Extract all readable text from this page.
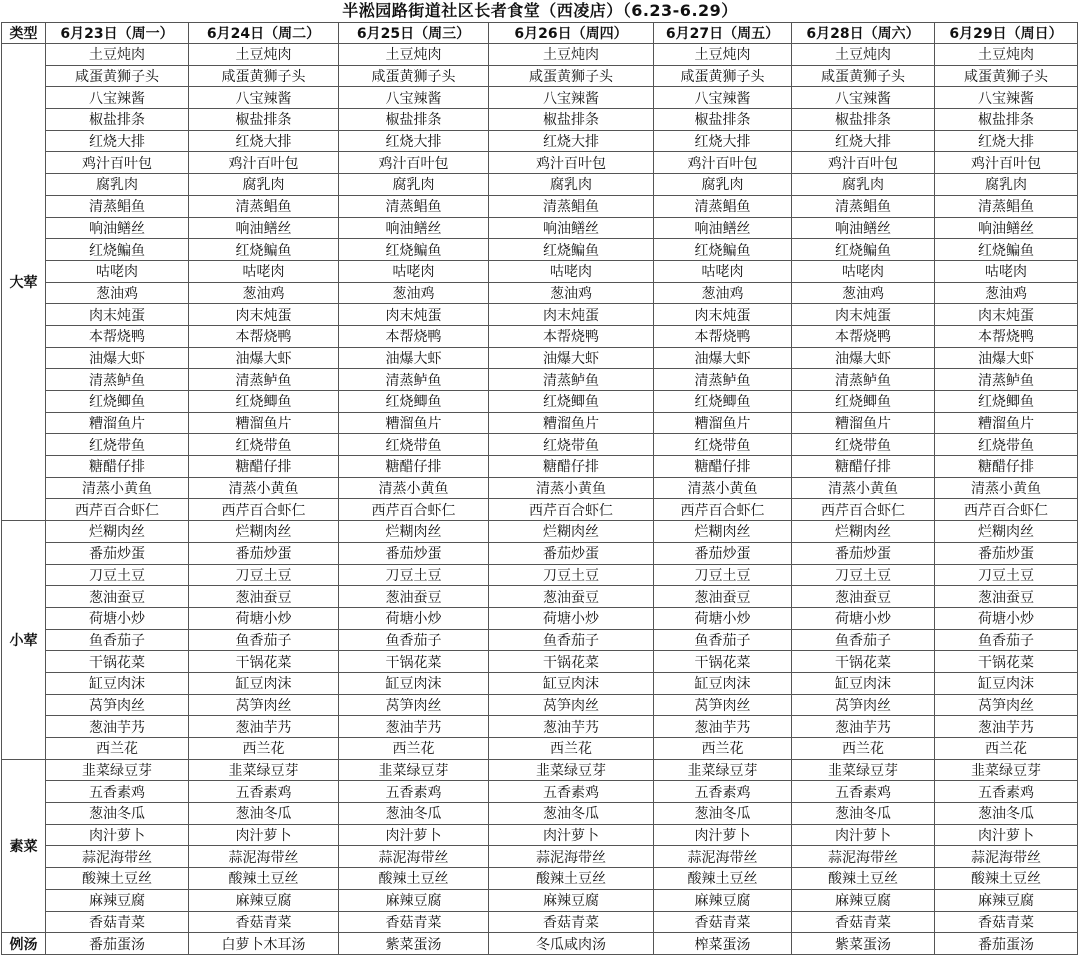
半淞园路街道社区长者食堂（西凌店）（6.23-6.29）
类型	6月23日（周一）	6月24日（周二）	6月25日（周三）	6月26日（周四）	6月27日（周五）	6月28日（周六）	6月29日（周日）
大荤	土豆炖肉	土豆炖肉	土豆炖肉	土豆炖肉	土豆炖肉	土豆炖肉	土豆炖肉
	咸蛋黄狮子头	咸蛋黄狮子头	咸蛋黄狮子头	咸蛋黄狮子头	咸蛋黄狮子头	咸蛋黄狮子头	咸蛋黄狮子头
	八宝辣酱	八宝辣酱	八宝辣酱	八宝辣酱	八宝辣酱	八宝辣酱	八宝辣酱
	椒盐排条	椒盐排条	椒盐排条	椒盐排条	椒盐排条	椒盐排条	椒盐排条
	红烧大排	红烧大排	红烧大排	红烧大排	红烧大排	红烧大排	红烧大排
	鸡汁百叶包	鸡汁百叶包	鸡汁百叶包	鸡汁百叶包	鸡汁百叶包	鸡汁百叶包	鸡汁百叶包
	腐乳肉	腐乳肉	腐乳肉	腐乳肉	腐乳肉	腐乳肉	腐乳肉
	清蒸鲳鱼	清蒸鲳鱼	清蒸鲳鱼	清蒸鲳鱼	清蒸鲳鱼	清蒸鲳鱼	清蒸鲳鱼
	响油鳝丝	响油鳝丝	响油鳝丝	响油鳝丝	响油鳝丝	响油鳝丝	响油鳝丝
	红烧鳊鱼	红烧鳊鱼	红烧鳊鱼	红烧鳊鱼	红烧鳊鱼	红烧鳊鱼	红烧鳊鱼
	咕咾肉	咕咾肉	咕咾肉	咕咾肉	咕咾肉	咕咾肉	咕咾肉
	葱油鸡	葱油鸡	葱油鸡	葱油鸡	葱油鸡	葱油鸡	葱油鸡
	肉末炖蛋	肉末炖蛋	肉末炖蛋	肉末炖蛋	肉末炖蛋	肉末炖蛋	肉末炖蛋
	本帮烧鸭	本帮烧鸭	本帮烧鸭	本帮烧鸭	本帮烧鸭	本帮烧鸭	本帮烧鸭
	油爆大虾	油爆大虾	油爆大虾	油爆大虾	油爆大虾	油爆大虾	油爆大虾
	清蒸鲈鱼	清蒸鲈鱼	清蒸鲈鱼	清蒸鲈鱼	清蒸鲈鱼	清蒸鲈鱼	清蒸鲈鱼
	红烧鲫鱼	红烧鲫鱼	红烧鲫鱼	红烧鲫鱼	红烧鲫鱼	红烧鲫鱼	红烧鲫鱼
	糟溜鱼片	糟溜鱼片	糟溜鱼片	糟溜鱼片	糟溜鱼片	糟溜鱼片	糟溜鱼片
	红烧带鱼	红烧带鱼	红烧带鱼	红烧带鱼	红烧带鱼	红烧带鱼	红烧带鱼
	糖醋仔排	糖醋仔排	糖醋仔排	糖醋仔排	糖醋仔排	糖醋仔排	糖醋仔排
	清蒸小黄鱼	清蒸小黄鱼	清蒸小黄鱼	清蒸小黄鱼	清蒸小黄鱼	清蒸小黄鱼	清蒸小黄鱼
	西芹百合虾仁	西芹百合虾仁	西芹百合虾仁	西芹百合虾仁	西芹百合虾仁	西芹百合虾仁	西芹百合虾仁
小荤	烂糊肉丝	烂糊肉丝	烂糊肉丝	烂糊肉丝	烂糊肉丝	烂糊肉丝	烂糊肉丝
	番茄炒蛋	番茄炒蛋	番茄炒蛋	番茄炒蛋	番茄炒蛋	番茄炒蛋	番茄炒蛋
	刀豆土豆	刀豆土豆	刀豆土豆	刀豆土豆	刀豆土豆	刀豆土豆	刀豆土豆
	葱油蚕豆	葱油蚕豆	葱油蚕豆	葱油蚕豆	葱油蚕豆	葱油蚕豆	葱油蚕豆
	荷塘小炒	荷塘小炒	荷塘小炒	荷塘小炒	荷塘小炒	荷塘小炒	荷塘小炒
	鱼香茄子	鱼香茄子	鱼香茄子	鱼香茄子	鱼香茄子	鱼香茄子	鱼香茄子
	干锅花菜	干锅花菜	干锅花菜	干锅花菜	干锅花菜	干锅花菜	干锅花菜
	缸豆肉沫	缸豆肉沫	缸豆肉沫	缸豆肉沫	缸豆肉沫	缸豆肉沫	缸豆肉沫
	莴笋肉丝	莴笋肉丝	莴笋肉丝	莴笋肉丝	莴笋肉丝	莴笋肉丝	莴笋肉丝
	葱油芋艿	葱油芋艿	葱油芋艿	葱油芋艿	葱油芋艿	葱油芋艿	葱油芋艿
	西兰花	西兰花	西兰花	西兰花	西兰花	西兰花	西兰花
素菜	韭菜绿豆芽	韭菜绿豆芽	韭菜绿豆芽	韭菜绿豆芽	韭菜绿豆芽	韭菜绿豆芽	韭菜绿豆芽
	五香素鸡	五香素鸡	五香素鸡	五香素鸡	五香素鸡	五香素鸡	五香素鸡
	葱油冬瓜	葱油冬瓜	葱油冬瓜	葱油冬瓜	葱油冬瓜	葱油冬瓜	葱油冬瓜
	肉汁萝卜	肉汁萝卜	肉汁萝卜	肉汁萝卜	肉汁萝卜	肉汁萝卜	肉汁萝卜
	蒜泥海带丝	蒜泥海带丝	蒜泥海带丝	蒜泥海带丝	蒜泥海带丝	蒜泥海带丝	蒜泥海带丝
	酸辣土豆丝	酸辣土豆丝	酸辣土豆丝	酸辣土豆丝	酸辣土豆丝	酸辣土豆丝	酸辣土豆丝
	麻辣豆腐	麻辣豆腐	麻辣豆腐	麻辣豆腐	麻辣豆腐	麻辣豆腐	麻辣豆腐
	香菇青菜	香菇青菜	香菇青菜	香菇青菜	香菇青菜	香菇青菜	香菇青菜
例汤	番茄蛋汤	白萝卜木耳汤	紫菜蛋汤	冬瓜咸肉汤	榨菜蛋汤	紫菜蛋汤	番茄蛋汤
